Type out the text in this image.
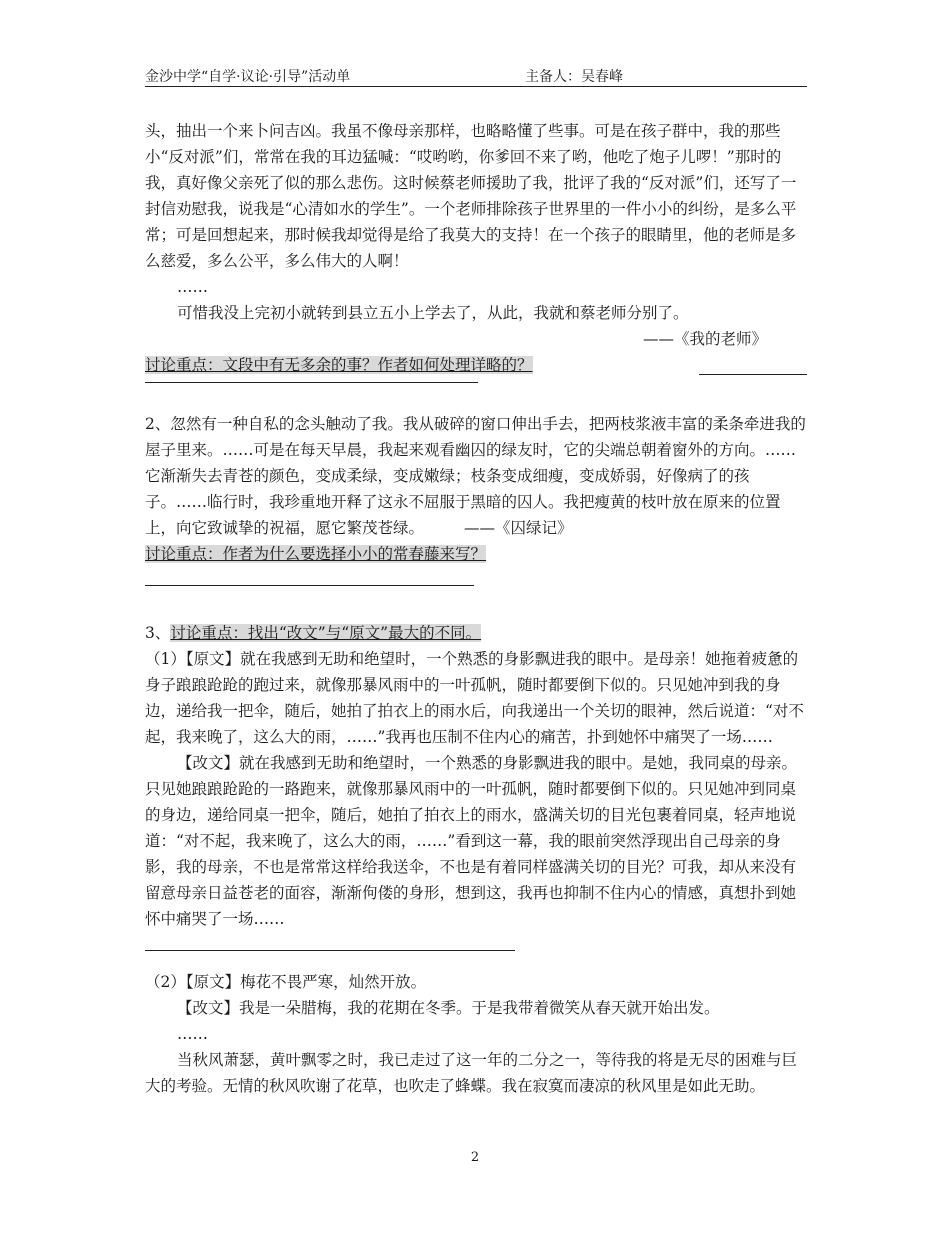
金沙中学“自学·议论·引导”活动单	主备人：吴春峰

头，抽出一个来卜问吉凶。我虽不像母亲那样，也略略懂了些事。可是在孩子群中，我的那些小“反对派”们，常常在我的耳边猛喊：“哎哟哟，你爹回不来了哟，他吃了炮子儿啰！”那时的我，真好像父亲死了似的那么悲伤。这时候蔡老师援助了我，批评了我的“反对派”们，还写了一封信劝慰我，说我是“心清如水的学生”。一个老师排除孩子世界里的一件小小的纠纷，是多么平常；可是回想起来，那时候我却觉得是给了我莫大的支持！在一个孩子的眼睛里，他的老师是多么慈爱，多么公平，多么伟大的人啊！

……

可惜我没上完初小就转到县立五小上学去了，从此，我就和蔡老师分别了。

——《我的老师》

讨论重点：文段中有无多余的事？作者如何处理详略的？

2、忽然有一种自私的念头触动了我。我从破碎的窗口伸出手去，把两枝浆液丰富的柔条牵进我的屋子里来。……可是在每天早晨，我起来观看幽囚的绿友时，它的尖端总朝着窗外的方向。……它渐渐失去青苍的颜色，变成柔绿，变成嫩绿；枝条变成细瘦，变成娇弱，好像病了的孩子。……临行时，我珍重地开释了这永不屈服于黑暗的囚人。我把瘦黄的枝叶放在原来的位置上，向它致诚挚的祝福，愿它繁茂苍绿。	——《囚绿记》

讨论重点：作者为什么要选择小小的常春藤来写？

3、讨论重点：找出“改文”与“原文”最大的不同。

（1）【原文】就在我感到无助和绝望时，一个熟悉的身影飘进我的眼中。是母亲！她拖着疲惫的身子踉踉跄跄的跑过来，就像那暴风雨中的一叶孤帆，随时都要倒下似的。只见她冲到我的身边，递给我一把伞，随后，她拍了拍衣上的雨水后，向我递出一个关切的眼神，然后说道：“对不起，我来晚了，这么大的雨，……”我再也压制不住内心的痛苦，扑到她怀中痛哭了一场……

【改文】就在我感到无助和绝望时，一个熟悉的身影飘进我的眼中。是她，我同桌的母亲。只见她踉踉跄跄的一路跑来，就像那暴风雨中的一叶孤帆，随时都要倒下似的。只见她冲到同桌的身边，递给同桌一把伞，随后，她拍了拍衣上的雨水，盛满关切的目光包裹着同桌，轻声地说道：“对不起，我来晚了，这么大的雨，……”看到这一幕，我的眼前突然浮现出自己母亲的身影，我的母亲，不也是常常这样给我送伞，不也是有着同样盛满关切的目光？可我，却从来没有留意母亲日益苍老的面容，渐渐佝偻的身形，想到这，我再也抑制不住内心的情感，真想扑到她怀中痛哭了一场……

（2）【原文】梅花不畏严寒，灿然开放。

【改文】我是一朵腊梅，我的花期在冬季。于是我带着微笑从春天就开始出发。

……

当秋风萧瑟，黄叶飘零之时，我已走过了这一年的二分之一，等待我的将是无尽的困难与巨大的考验。无情的秋风吹谢了花草，也吹走了蜂蝶。我在寂寞而凄凉的秋风里是如此无助。

2
